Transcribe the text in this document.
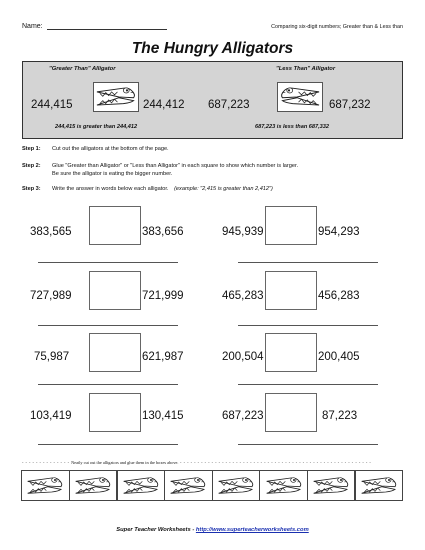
Name:	Comparing six-digit numbers; Greater than & Less than
The Hungry Alligators
"Greater Than" Alligator
244,415	244,412
244,415 is greater than 244,412
"Less Than" Alligator
687,223	687,232
687,223 is less than 687,332
Step 1: Cut out the alligators at the bottom of the page.
Step 2: Glue "Greater than Alligator" or "Less than Alligator" in each square to show which number is larger.
Be sure the alligator is eating the bigger number.
Step 3: Write the answer in words below each alligator. (example: "2,415 is greater than 2,412")
383,565	383,656	945,939	954,293
727,989	721,999	465,283	456,283
75,987	621,987	200,504	200,405
103,419	130,415	687,223	87,223
- - - - - - - - - - - - - - Neatly cut out the alligators and glue them in the boxes above. - - - - - - - - - - - - - - - - - - - - - - - - - - - - - - - - - - - - - - - - - - - - - - - - - - - - - - -
Super Teacher Worksheets - http://www.superteacherworksheets.com
